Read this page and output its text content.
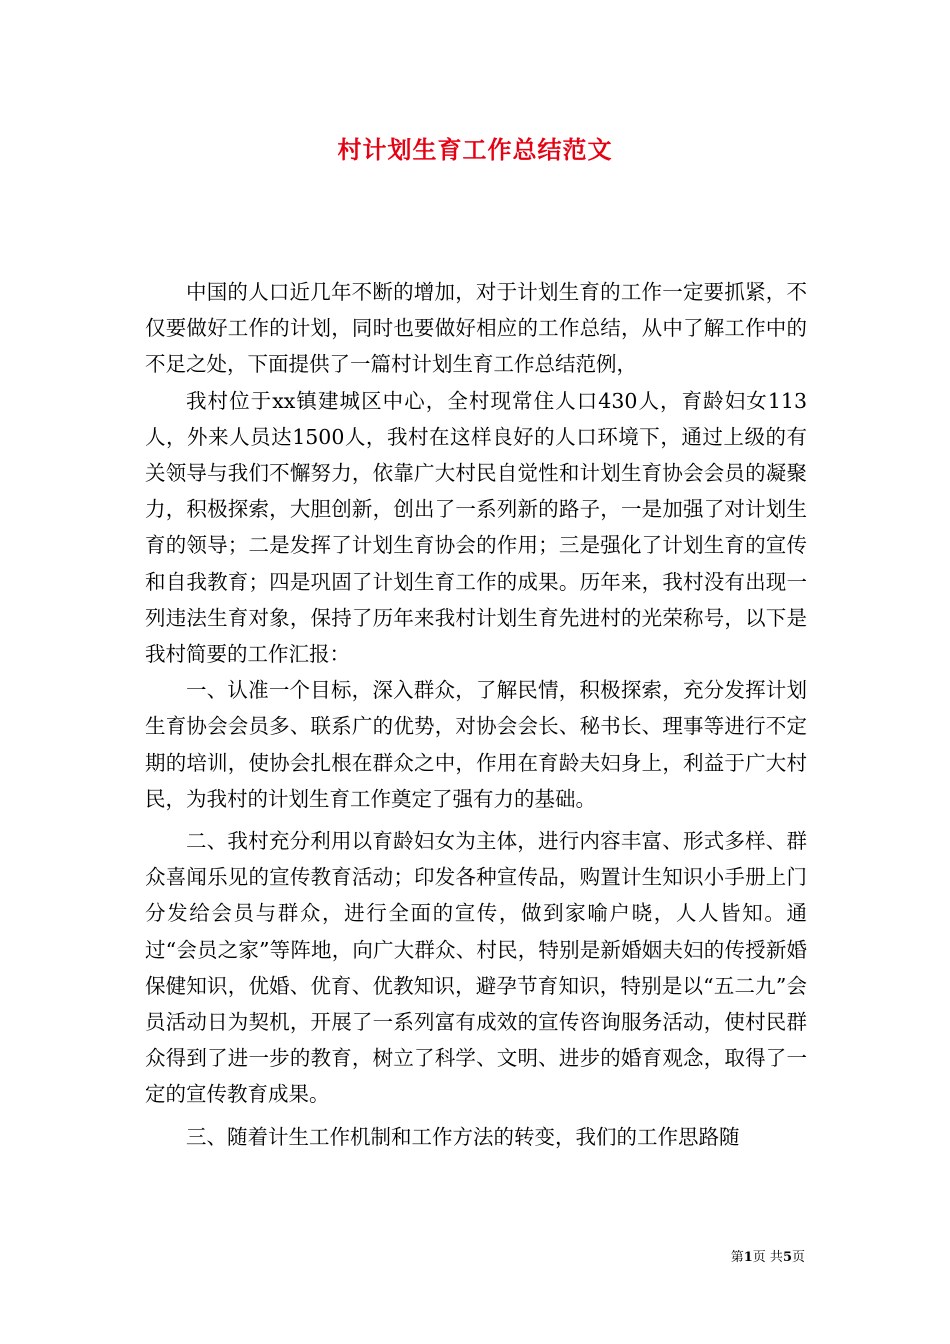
村计划生育工作总结范文

中国的人口近几年不断的增加，对于计划生育的工作一定要抓紧，不仅要做好工作的计划，同时也要做好相应的工作总结，从中了解工作中的不足之处，下面提供了一篇村计划生育工作总结范例，

我村位于xx镇建城区中心，全村现常住人口430人，育龄妇女113人，外来人员达1500人，我村在这样良好的人口环境下，通过上级的有关领导与我们不懈努力，依靠广大村民自觉性和计划生育协会会员的凝聚力，积极探索，大胆创新，创出了一系列新的路子，一是加强了对计划生育的领导；二是发挥了计划生育协会的作用；三是强化了计划生育的宣传和自我教育；四是巩固了计划生育工作的成果。历年来，我村没有出现一列违法生育对象，保持了历年来我村计划生育先进村的光荣称号，以下是我村简要的工作汇报：

一、认准一个目标，深入群众，了解民情，积极探索，充分发挥计划生育协会会员多、联系广的优势，对协会会长、秘书长、理事等进行不定期的培训，使协会扎根在群众之中，作用在育龄夫妇身上，利益于广大村民，为我村的计划生育工作奠定了强有力的基础。

二、我村充分利用以育龄妇女为主体，进行内容丰富、形式多样、群众喜闻乐见的宣传教育活动；印发各种宣传品，购置计生知识小手册上门分发给会员与群众，进行全面的宣传，做到家喻户晓，人人皆知。通过“会员之家”等阵地，向广大群众、村民，特别是新婚姻夫妇的传授新婚保健知识，优婚、优育、优教知识，避孕节育知识，特别是以“五二九”会员活动日为契机，开展了一系列富有成效的宣传咨询服务活动，使村民群众得到了进一步的教育，树立了科学、文明、进步的婚育观念，取得了一定的宣传教育成果。

三、随着计生工作机制和工作方法的转变，我们的工作思路随

第1页 共5页
